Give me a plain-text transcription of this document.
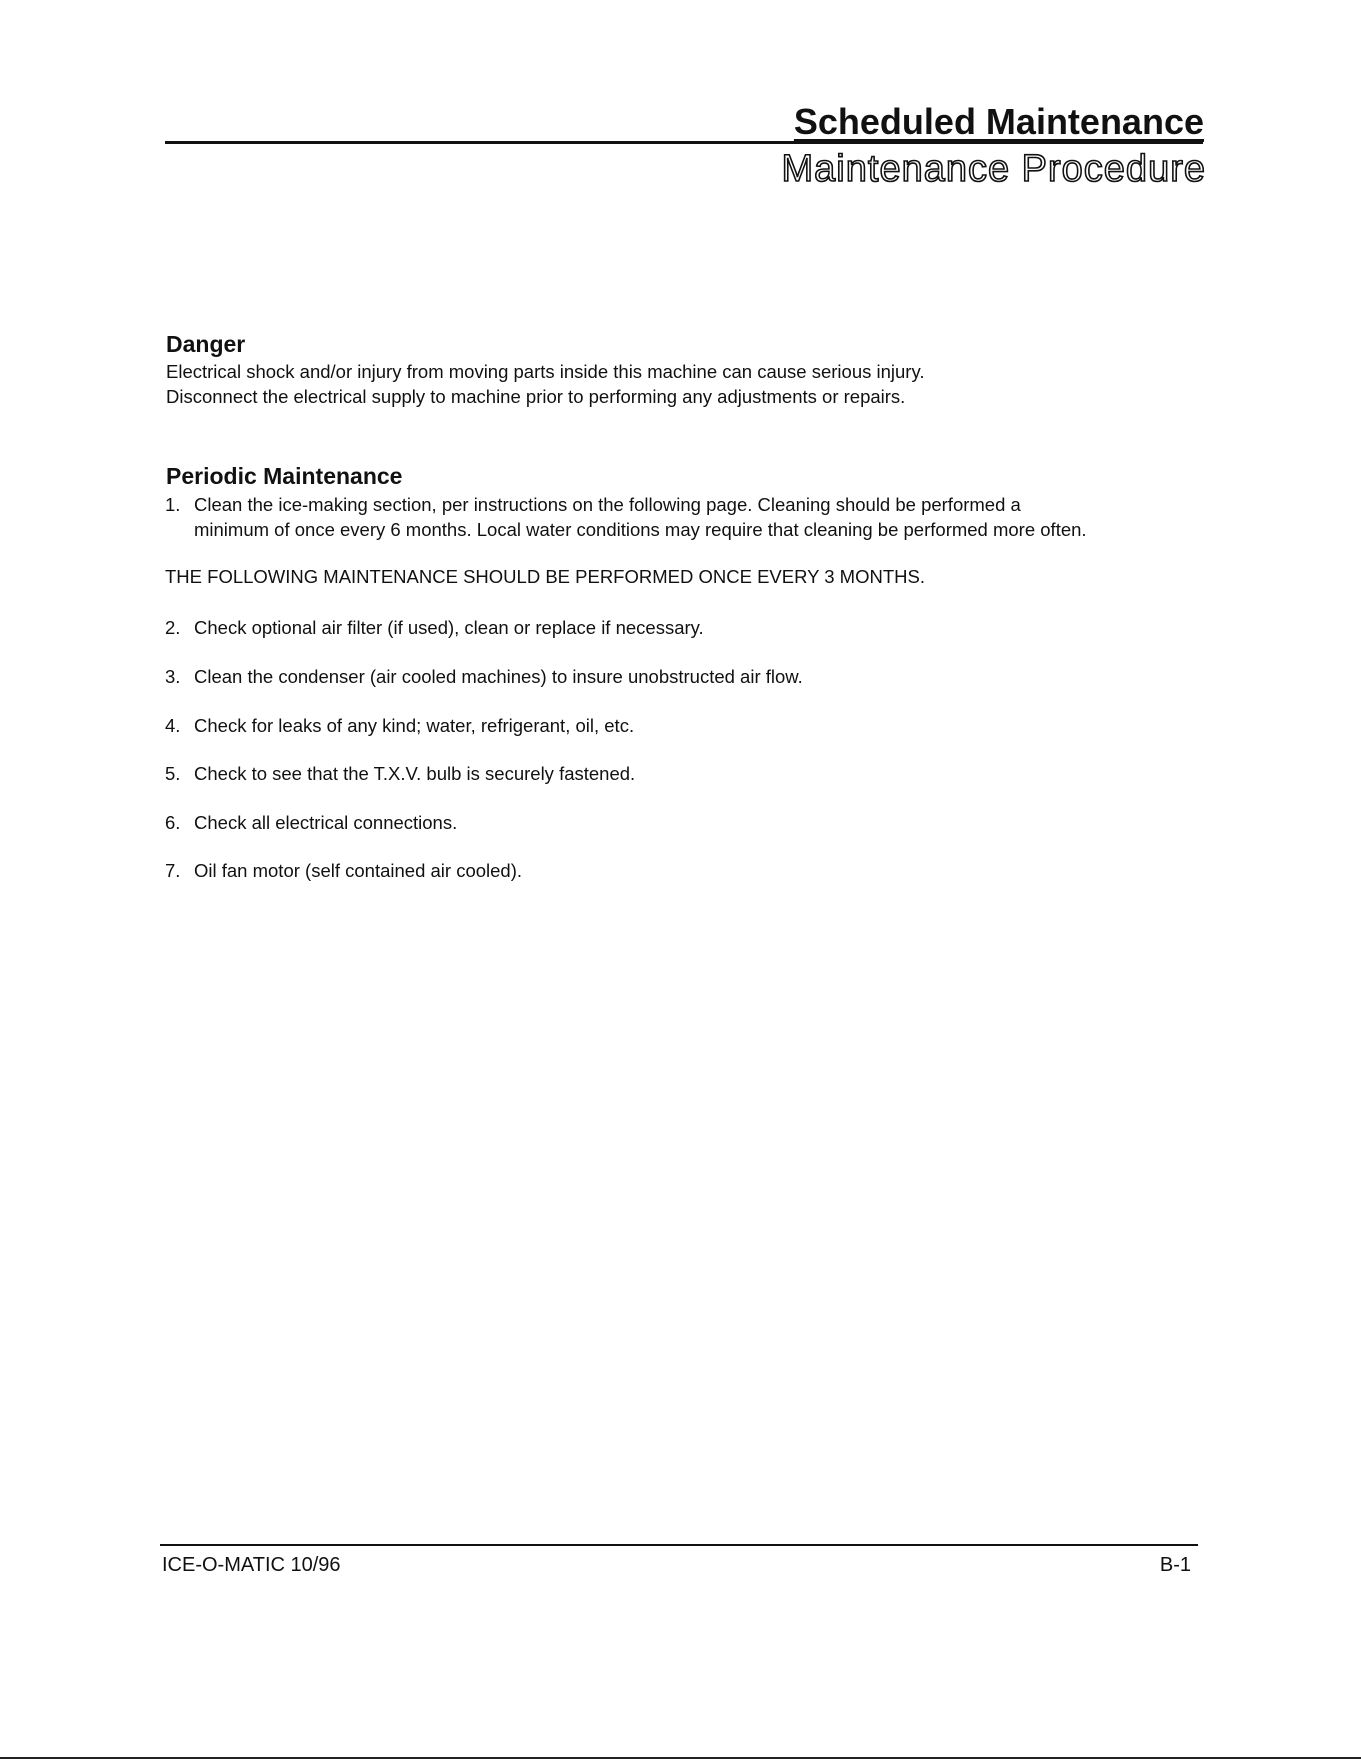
Scheduled Maintenance
Maintenance Procedure
Danger
Electrical shock and/or injury from moving parts inside this machine can cause serious injury.
Disconnect the electrical supply to machine prior to performing any adjustments or repairs.
Periodic Maintenance
1. Clean the ice-making section, per instructions on the following page. Cleaning should be performed a
minimum of once every 6 months. Local water conditions may require that cleaning be performed more often.
THE FOLLOWING MAINTENANCE SHOULD BE PERFORMED ONCE EVERY 3 MONTHS.
2. Check optional air filter (if used), clean or replace if necessary.
3. Clean the condenser (air cooled machines) to insure unobstructed air flow.
4. Check for leaks of any kind; water, refrigerant, oil, etc.
5. Check to see that the T.X.V. bulb is securely fastened.
6. Check all electrical connections.
7. Oil fan motor (self contained air cooled).
ICE-O-MATIC 10/96	B-1
